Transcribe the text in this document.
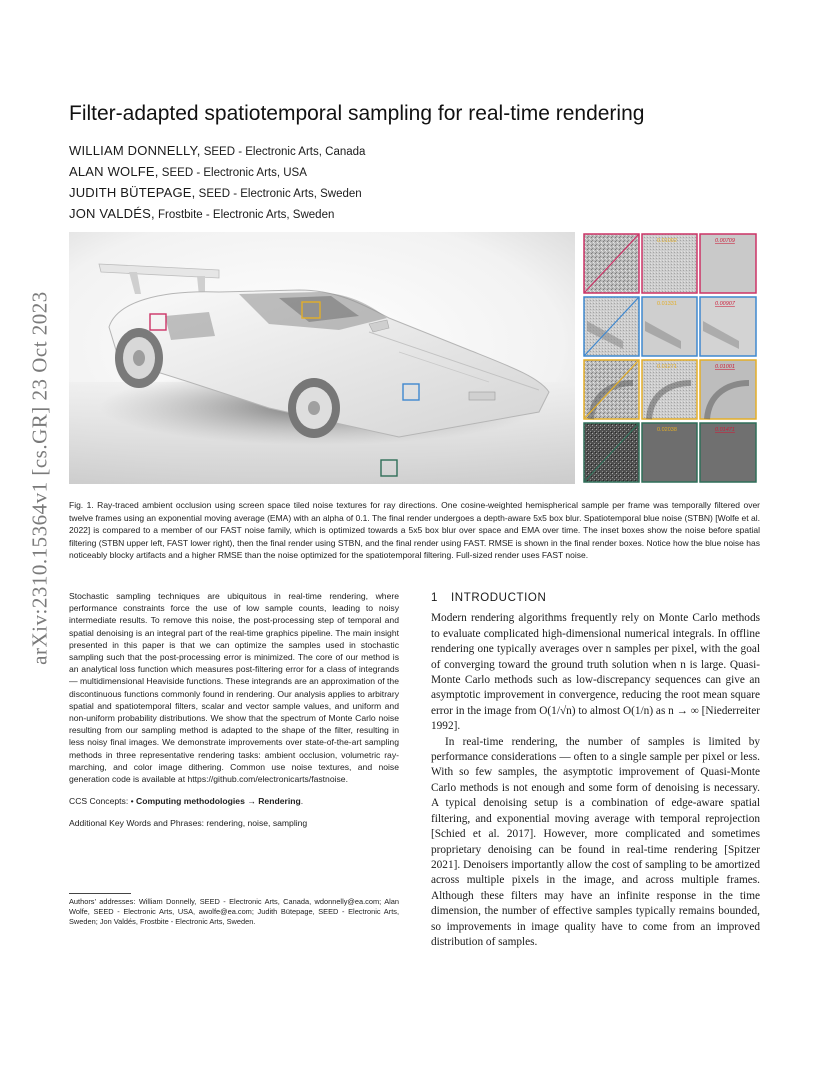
arXiv:2310.15364v1 [cs.GR] 23 Oct 2023
Filter-adapted spatiotemporal sampling for real-time rendering
WILLIAM DONNELLY, SEED - Electronic Arts, Canada
ALAN WOLFE, SEED - Electronic Arts, USA
JUDITH BÜTEPAGE, SEED - Electronic Arts, Sweden
JON VALDÉS, Frostbite - Electronic Arts, Sweden
0.01092	0.00709
0.01331	0.00907
0.01271	0.01001
0.02038	0.01471
Fig. 1. Ray-traced ambient occlusion using screen space tiled noise textures for ray directions. One cosine-weighted hemispherical sample per frame was temporally filtered over twelve frames using an exponential moving average (EMA) with an alpha of 0.1. The final render undergoes a depth-aware 5x5 box blur. Spatiotemporal blue noise (STBN) [Wolfe et al. 2022] is compared to a member of our FAST noise family, which is optimized towards a 5x5 box blur over space and EMA over time. The inset boxes show the noise before spatial filtering (STBN upper left, FAST lower right), then the final render using STBN, and the final render using FAST. RMSE is shown in the final render boxes. Notice how the blue noise has noticeably blocky artifacts and a higher RMSE than the noise optimized for the spatiotemporal filtering. Full-sized render uses FAST noise.

Stochastic sampling techniques are ubiquitous in real-time rendering, where performance constraints force the use of low sample counts, leading to noisy intermediate results. To remove this noise, the post-processing step of temporal and spatial denoising is an integral part of the real-time graphics pipeline. The main insight presented in this paper is that we can optimize the samples used in stochastic sampling such that the post-processing error is minimized. The core of our method is an analytical loss function which measures post-filtering error for a class of integrands — multidimensional Heaviside functions. These integrands are an approximation of the discontinuous functions commonly found in rendering. Our analysis applies to arbitrary spatial and spatiotemporal filters, scalar and vector sample values, and uniform and non-uniform probability distributions. We show that the spectrum of Monte Carlo noise resulting from our sampling method is adapted to the shape of the filter, resulting in less noisy final images. We demonstrate improvements over state-of-the-art sampling methods in three representative rendering tasks: ambient occlusion, volumetric ray-marching, and color image dithering. Common use noise textures, and noise generation code is available at https://github.com/electronicarts/fastnoise.

CCS Concepts: • Computing methodologies → Rendering.

Additional Key Words and Phrases: rendering, noise, sampling

Authors’ addresses: William Donnelly, SEED - Electronic Arts, Canada, wdonnelly@ea.com; Alan Wolfe, SEED - Electronic Arts, USA, awolfe@ea.com; Judith Bütepage, SEED - Electronic Arts, Sweden; Jon Valdés, Frostbite - Electronic Arts, Sweden.
1 INTRODUCTION

Modern rendering algorithms frequently rely on Monte Carlo methods to evaluate complicated high-dimensional numerical integrals. In offline rendering one typically averages over n samples per pixel, with the goal of converging toward the ground truth solution when n is large. Quasi-Monte Carlo methods such as low-discrepancy sequences can give an asymptotic improvement in convergence, reducing the root mean square error in the image from O(1/√n) to almost O(1/n) as n → ∞ [Niederreiter 1992].

In real-time rendering, the number of samples is limited by performance considerations — often to a single sample per pixel or less. With so few samples, the asymptotic improvement of Quasi-Monte Carlo methods is not enough and some form of denoising is necessary. A typical denoising setup is a combination of edge-aware spatial filtering, and exponential moving average with temporal reprojection [Schied et al. 2017]. However, more complicated and sometimes proprietary denoising can be found in real-time rendering [Spitzer 2021]. Denoisers importantly allow the cost of sampling to be amortized across multiple pixels in the image, and across multiple frames. Although these filters may have an infinite response in the time dimension, the number of effective samples typically remains bounded, so improvements in image quality have to come from an improved distribution of samples.
